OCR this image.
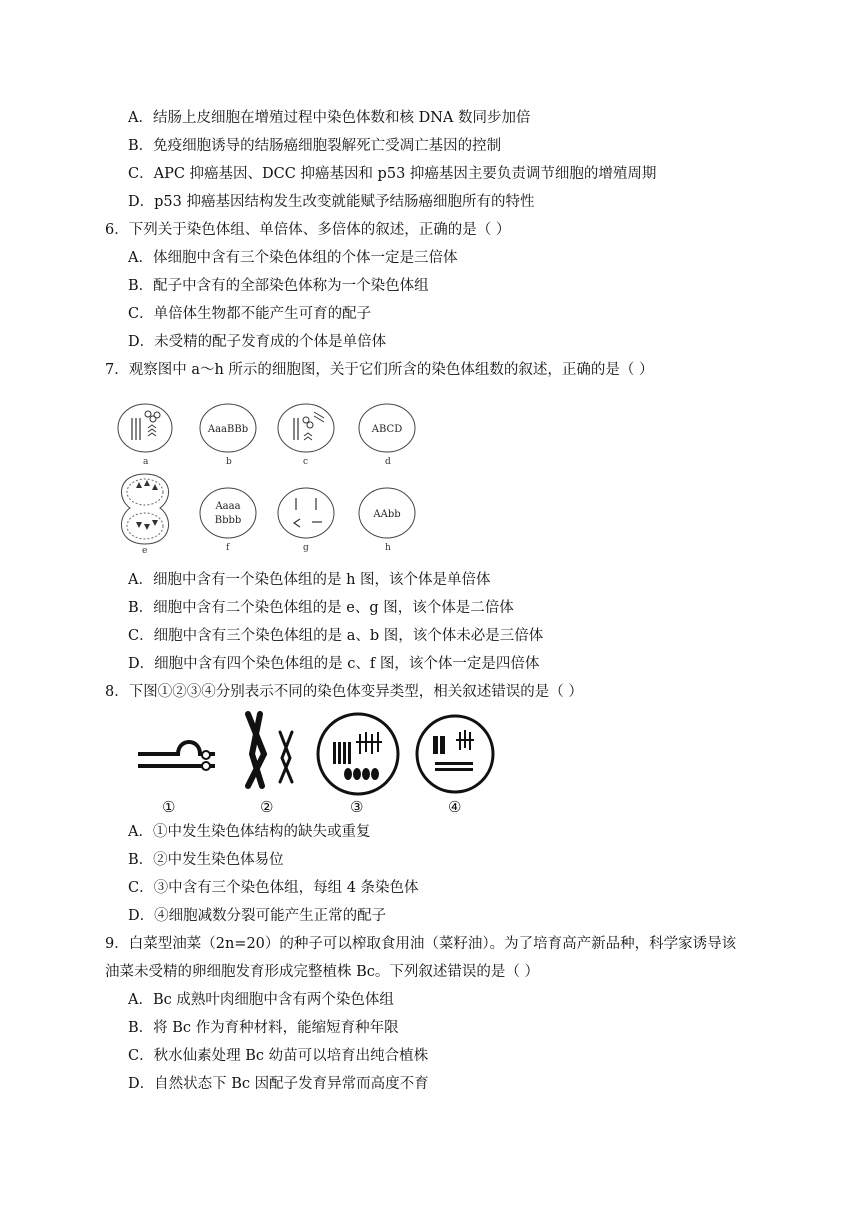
A．结肠上皮细胞在增殖过程中染色体数和核 DNA 数同步加倍
B．免疫细胞诱导的结肠癌细胞裂解死亡受凋亡基因的控制
C．APC 抑癌基因、DCC 抑癌基因和 p53 抑癌基因主要负责调节细胞的增殖周期
D．p53 抑癌基因结构发生改变就能赋予结肠癌细胞所有的特性
6．下列关于染色体组、单倍体、多倍体的叙述，正确的是（ ）
A．体细胞中含有三个染色体组的个体一定是三倍体
B．配子中含有的全部染色体称为一个染色体组
C．单倍体生物都不能产生可育的配子
D．未受精的配子发育成的个体是单倍体
7．观察图中 a～h 所示的细胞图，关于它们所含的染色体组数的叙述，正确的是（ ）
a
AaaBBb
b	c
ABCD
d
e
Aaaa
Bbbb
f	g
AAbb
h
A．细胞中含有一个染色体组的是 h 图，该个体是单倍体
B．细胞中含有二个染色体组的是 e、g 图，该个体是二倍体
C．细胞中含有三个染色体组的是 a、b 图，该个体未必是三倍体
D．细胞中含有四个染色体组的是 c、f 图，该个体一定是四倍体
8．下图①②③④分别表示不同的染色体变异类型，相关叙述错误的是（ ）
①	②	③	④
A．①中发生染色体结构的缺失或重复
B．②中发生染色体易位
C．③中含有三个染色体组，每组 4 条染色体
D．④细胞减数分裂可能产生正常的配子
9．白菜型油菜（2n=20）的种子可以榨取食用油（菜籽油）。为了培育高产新品种，科学家诱导该
油菜未受精的卵细胞发育形成完整植株 Bc。下列叙述错误的是（ ）
A．Bc 成熟叶肉细胞中含有两个染色体组
B．将 Bc 作为育种材料，能缩短育种年限
C．秋水仙素处理 Bc 幼苗可以培育出纯合植株
D．自然状态下 Bc 因配子发育异常而高度不育
